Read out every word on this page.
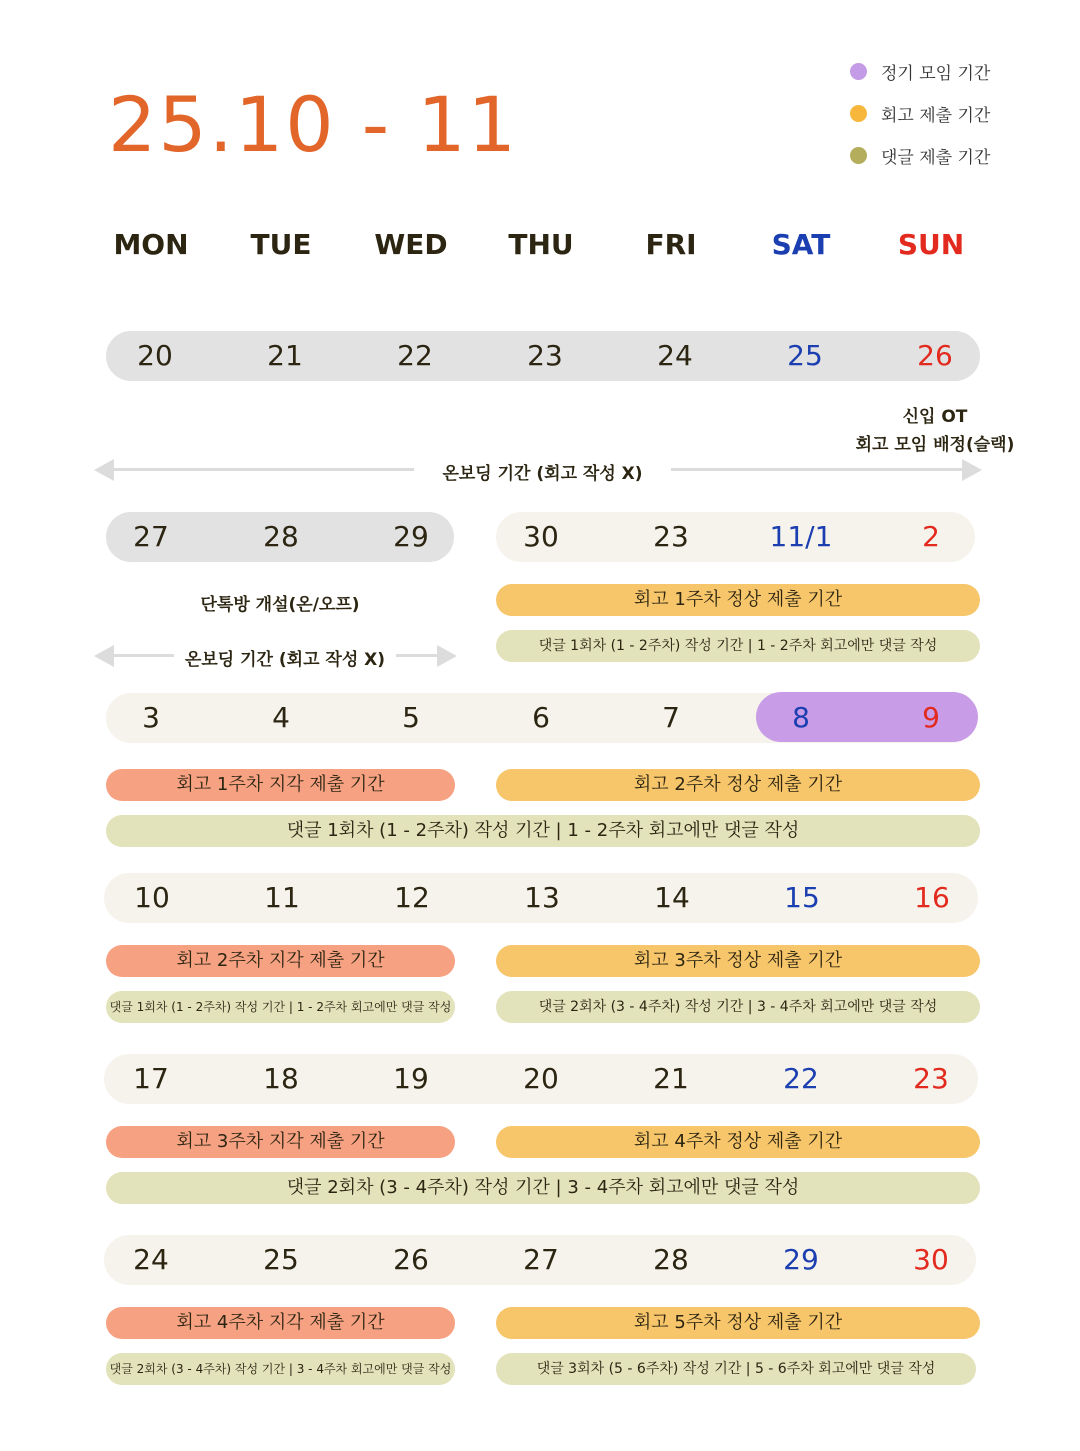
25.10 - 11
정기 모임 기간
회고 제출 기간
댓글 제출 기간
MON	TUE	WED	THU	FRI	SAT	SUN
20	21	22	23	24	25	26
신입 OT
회고 모임 배정(슬랙)
온보딩 기간 (회고 작성 X)
27	28	29	30	23	11/1	2
단톡방 개설(온/오프)	회고 1주차 정상 제출 기간
댓글 1회차 (1 - 2주차) 작성 기간 | 1 - 2주차 회고에만 댓글 작성
온보딩 기간 (회고 작성 X)
3	4	5	6	7	8	9
회고 1주차 지각 제출 기간	회고 2주차 정상 제출 기간
댓글 1회차 (1 - 2주차) 작성 기간 | 1 - 2주차 회고에만 댓글 작성
10	11	12	13	14	15	16
회고 2주차 지각 제출 기간	회고 3주차 정상 제출 기간
댓글 1회차 (1 - 2주차) 작성 기간 | 1 - 2주차 회고에만 댓글 작성	댓글 2회차 (3 - 4주차) 작성 기간 | 3 - 4주차 회고에만 댓글 작성
17	18	19	20	21	22	23
회고 3주차 지각 제출 기간	회고 4주차 정상 제출 기간
댓글 2회차 (3 - 4주차) 작성 기간 | 3 - 4주차 회고에만 댓글 작성
24	25	26	27	28	29	30
회고 4주차 지각 제출 기간	회고 5주차 정상 제출 기간
댓글 2회차 (3 - 4주차) 작성 기간 | 3 - 4주차 회고에만 댓글 작성	댓글 3회차 (5 - 6주차) 작성 기간 | 5 - 6주차 회고에만 댓글 작성
